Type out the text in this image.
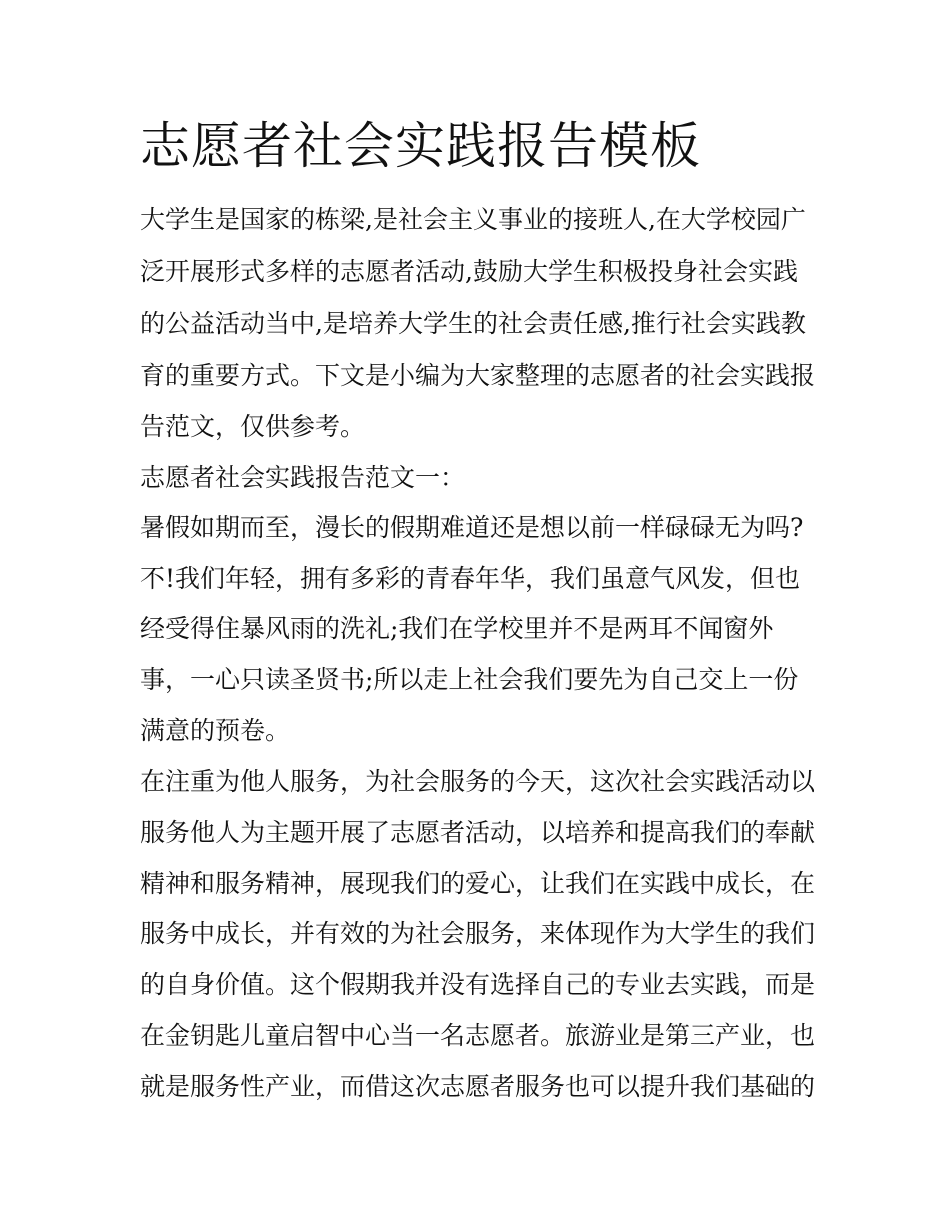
志愿者社会实践报告模板

大学生是国家的栋梁,是社会主义事业的接班人,在大学校园广

泛开展形式多样的志愿者活动,鼓励大学生积极投身社会实践

的公益活动当中,是培养大学生的社会责任感,推行社会实践教

育的重要方式。下文是小编为大家整理的志愿者的社会实践报

告范文，仅供参考。

志愿者社会实践报告范文一：

暑假如期而至，漫长的假期难道还是想以前一样碌碌无为吗?

不!我们年轻，拥有多彩的青春年华，我们虽意气风发，但也

经受得住暴风雨的洗礼;我们在学校里并不是两耳不闻窗外

事，一心只读圣贤书;所以走上社会我们要先为自己交上一份

满意的预卷。

在注重为他人服务，为社会服务的今天，这次社会实践活动以

服务他人为主题开展了志愿者活动，以培养和提高我们的奉献

精神和服务精神，展现我们的爱心，让我们在实践中成长，在

服务中成长，并有效的为社会服务，来体现作为大学生的我们

的自身价值。这个假期我并没有选择自己的专业去实践，而是

在金钥匙儿童启智中心当一名志愿者。旅游业是第三产业，也

就是服务性产业，而借这次志愿者服务也可以提升我们基础的
